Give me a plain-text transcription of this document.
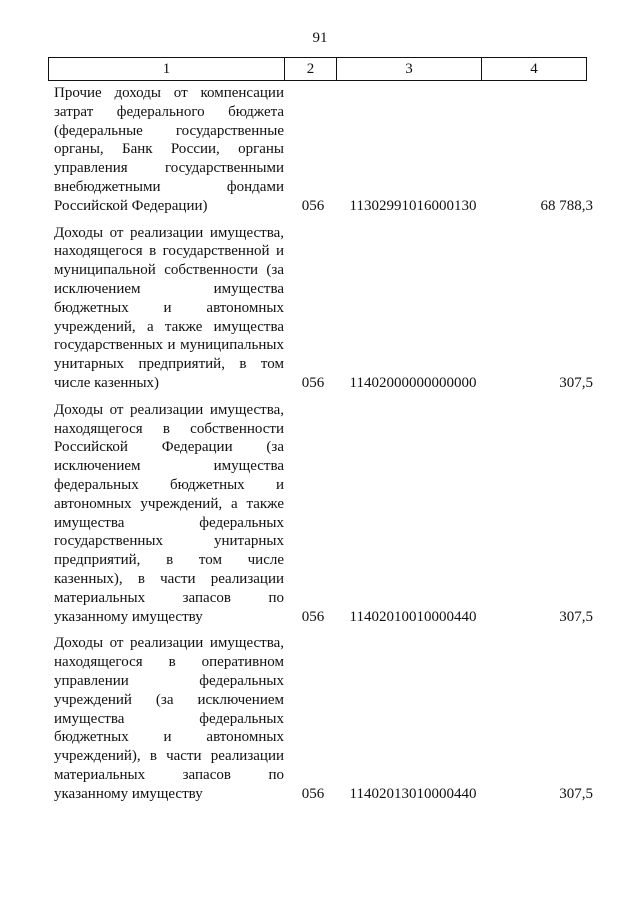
91
1	2	3	4
Прочие доходы от компенсации затрат федерального бюджета (федеральные государственные органы, Банк России, органы управления государственными внебюджетными фондами Российской Федерации)	056	11302991016000130	68 788,3
Доходы от реализации имущества, находящегося в государственной и муниципальной собственности (за исключением имущества бюджетных и автономных учреждений, а также имущества государственных и муниципальных унитарных предприятий, в том числе казенных)	056	11402000000000000	307,5
Доходы от реализации имущества, находящегося в собственности Российской Федерации (за исключением имущества федеральных бюджетных и автономных учреждений, а также имущества федеральных государственных унитарных предприятий, в том числе казенных), в части реализации материальных запасов по указанному имуществу	056	11402010010000440	307,5
Доходы от реализации имущества, находящегося в оперативном управлении федеральных учреждений (за исключением имущества федеральных бюджетных и автономных учреждений), в части реализации материальных запасов по указанному имуществу	056	11402013010000440	307,5
